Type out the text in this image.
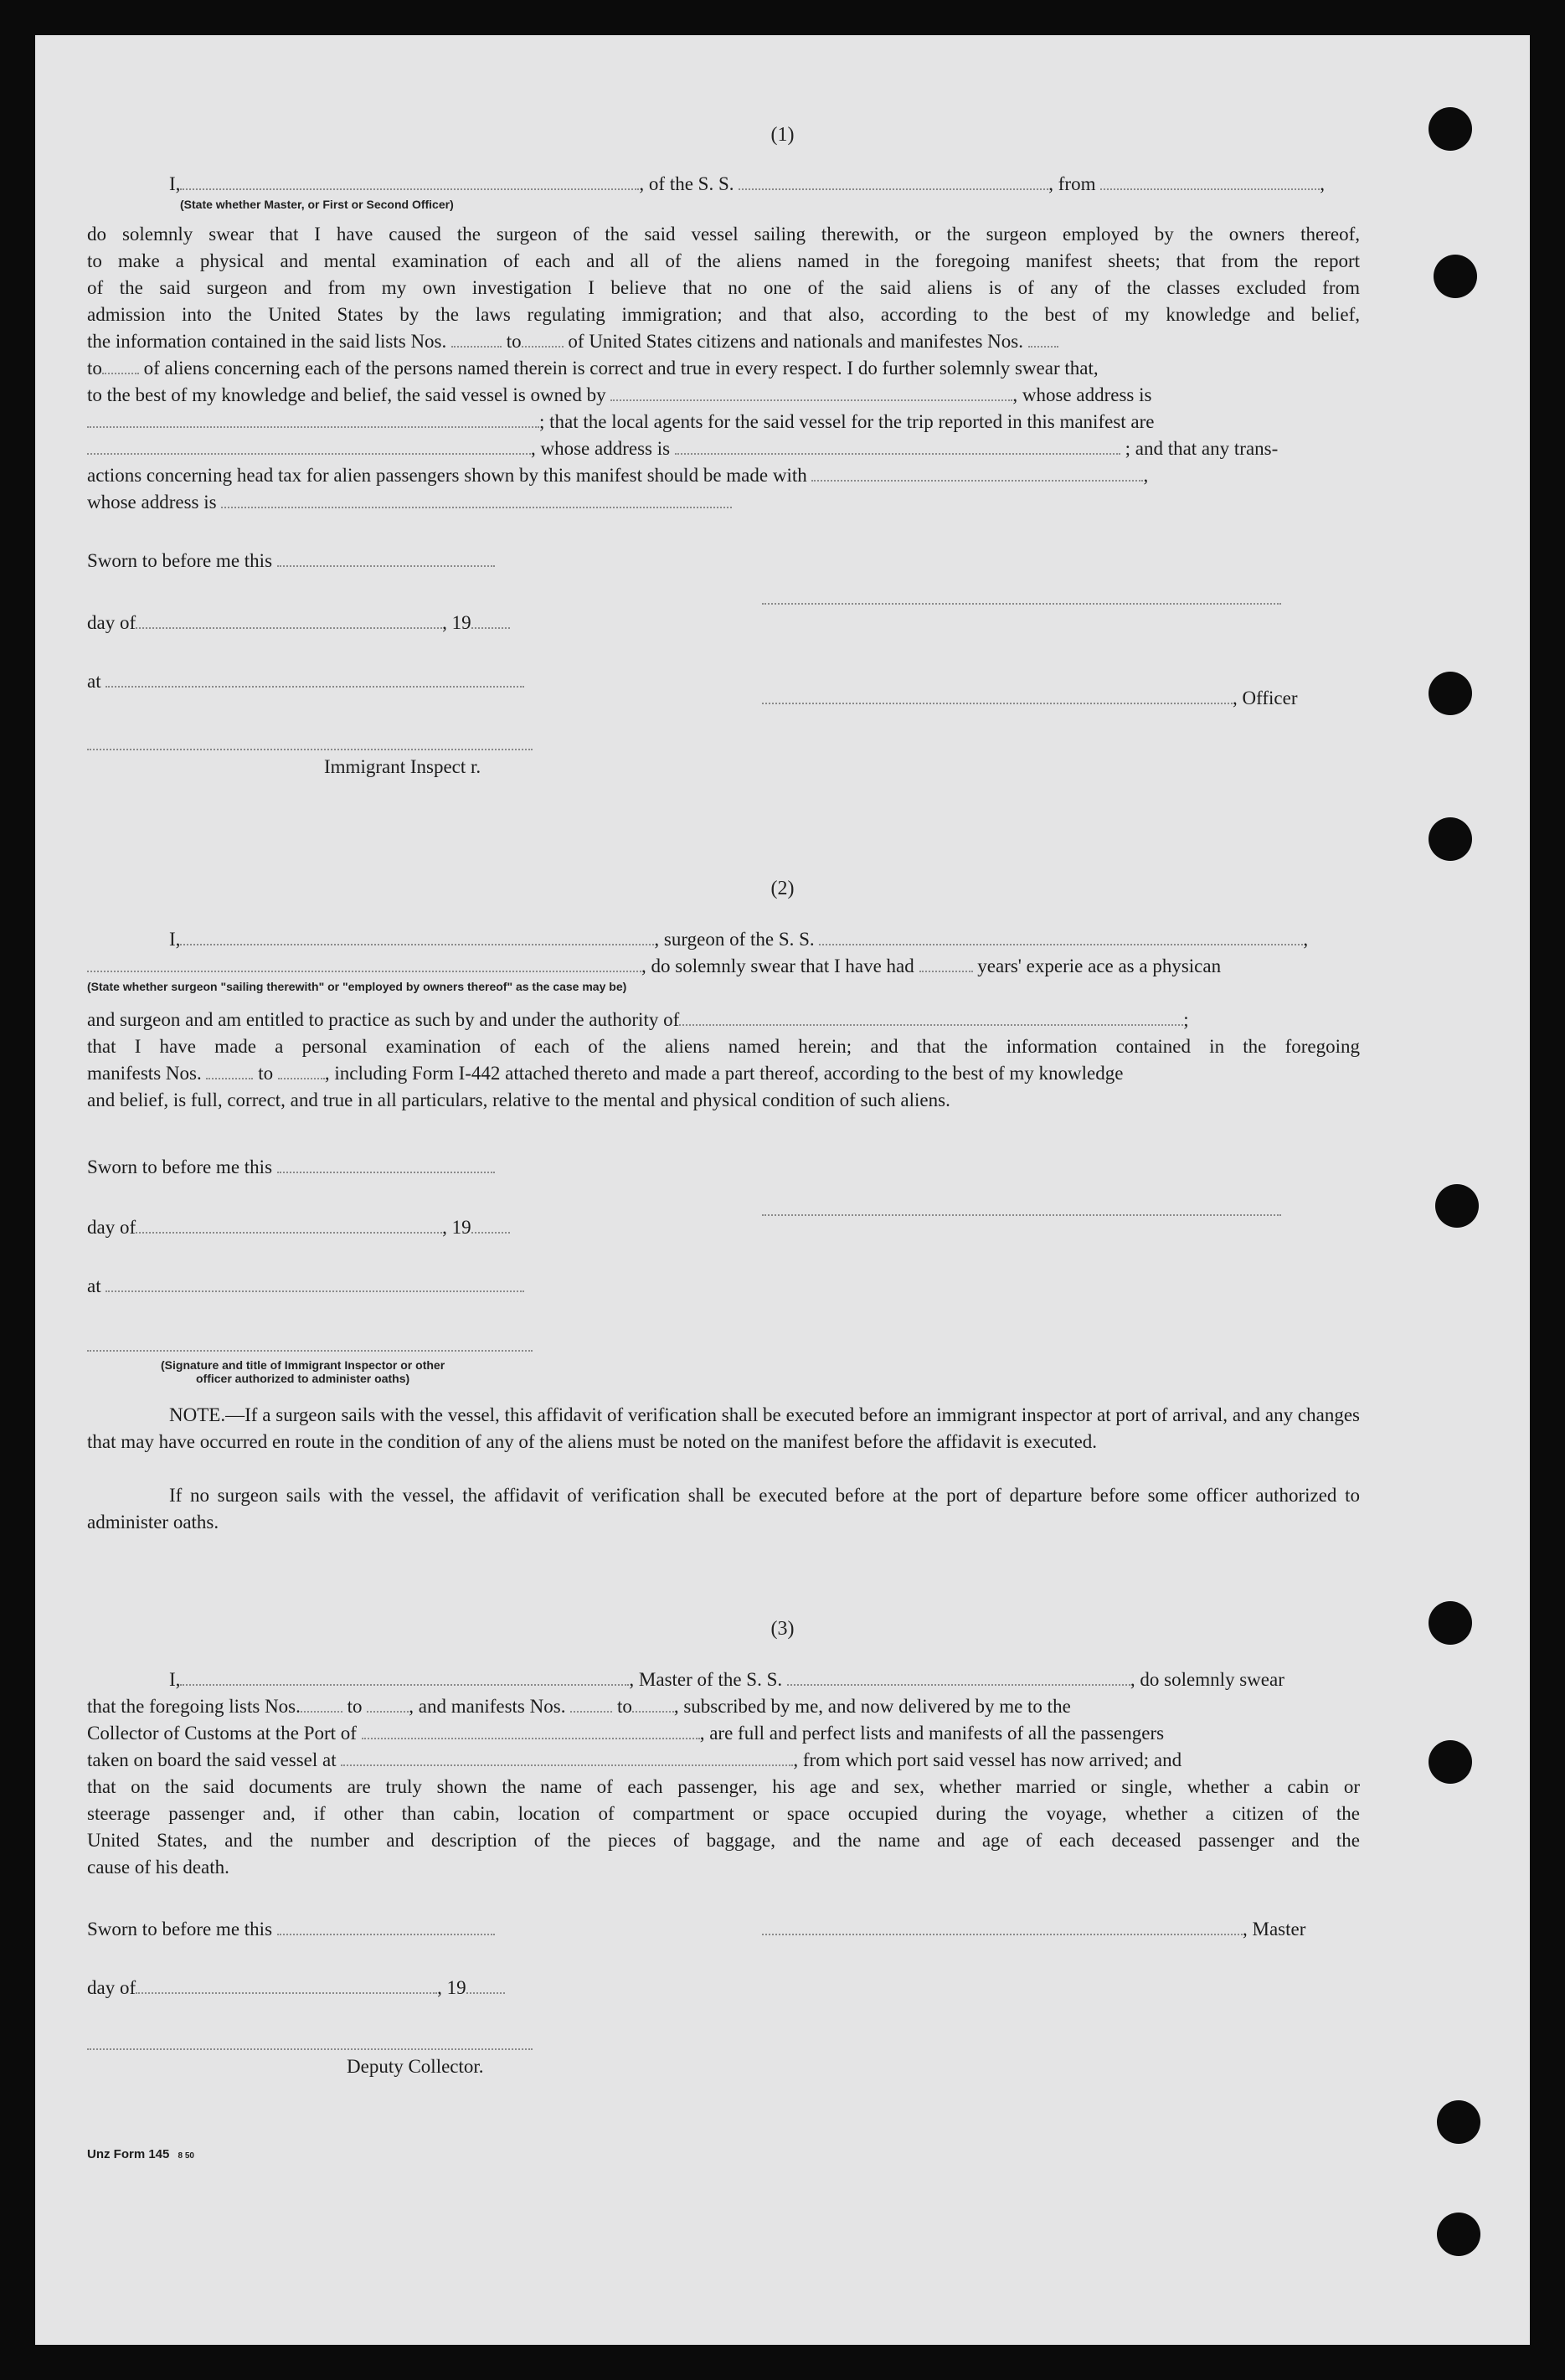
(1)
I,	, of the S. S.	, from	,
(State whether Master, or First or Second Officer)
do solemnly swear that I have caused the surgeon of the said vessel sailing therewith, or the surgeon employed by the owners thereof,
to make a physical and mental examination of each and all of the aliens named in the foregoing manifest sheets; that from the report
of the said surgeon and from my own investigation I believe that no one of the said aliens is of any of the classes excluded from
admission into the United States by the laws regulating immigration; and that also, according to the best of my knowledge and belief,
the information contained in the said lists Nos.	to of United States citizens and nationals and manifestes Nos.
to of aliens concerning each of the persons named therein is correct and true in every respect. I do further solemnly swear that,
to the best of my knowledge and belief, the said vessel is owned by	, whose address is
; that the local agents for the said vessel for the trip reported in this manifest are
, whose address is	; and that any trans-
actions concerning head tax for alien passengers shown by this manifest should be made with	,
whose address is
Sworn to before me this
day of	, 19
at
, Officer
Immigrant Inspect r.
(2)
I,	, surgeon of the S. S.	,
, do solemnly swear that I have had	years' experie ace as a physican
(State whether surgeon "sailing therewith" or "employed by owners thereof" as the case may be)
and surgeon and am entitled to practice as such by and under the authority of	;
that I have made a personal examination of each of the aliens named herein; and that the information contained in the foregoing
manifests Nos.	to	, including Form I-442 attached thereto and made a part thereof, according to the best of my knowledge
and belief, is full, correct, and true in all particulars, relative to the mental and physical condition of such aliens.
Sworn to before me this
day of	, 19
at
(Signature and title of Immigrant Inspector or other
officer authorized to administer oaths)
NOTE.—If a surgeon sails with the vessel, this affidavit of verification shall be executed before an immigrant inspector at port of arrival, and any changes that may have occurred en route in the condition of any of the aliens must be noted on the manifest before the affidavit is executed.
If no surgeon sails with the vessel, the affidavit of verification shall be executed before at the port of departure before some officer authorized to administer oaths.
(3)
I,	, Master of the S. S.	, do solemnly swear
that the foregoing lists Nos. to , and manifests Nos.	to , subscribed by me, and now delivered by me to the
Collector of Customs at the Port of	, are full and perfect lists and manifests of all the passengers
taken on board the said vessel at	, from which port said vessel has now arrived; and
that on the said documents are truly shown the name of each passenger, his age and sex, whether married or single, whether a cabin or
steerage passenger and, if other than cabin, location of compartment or space occupied during the voyage, whether a citizen of the
United States, and the number and description of the pieces of baggage, and the name and age of each deceased passenger and the
cause of his death.
Sworn to before me this	, Master
day of	, 19
Deputy Collector.
Unz Form 145 8 50
